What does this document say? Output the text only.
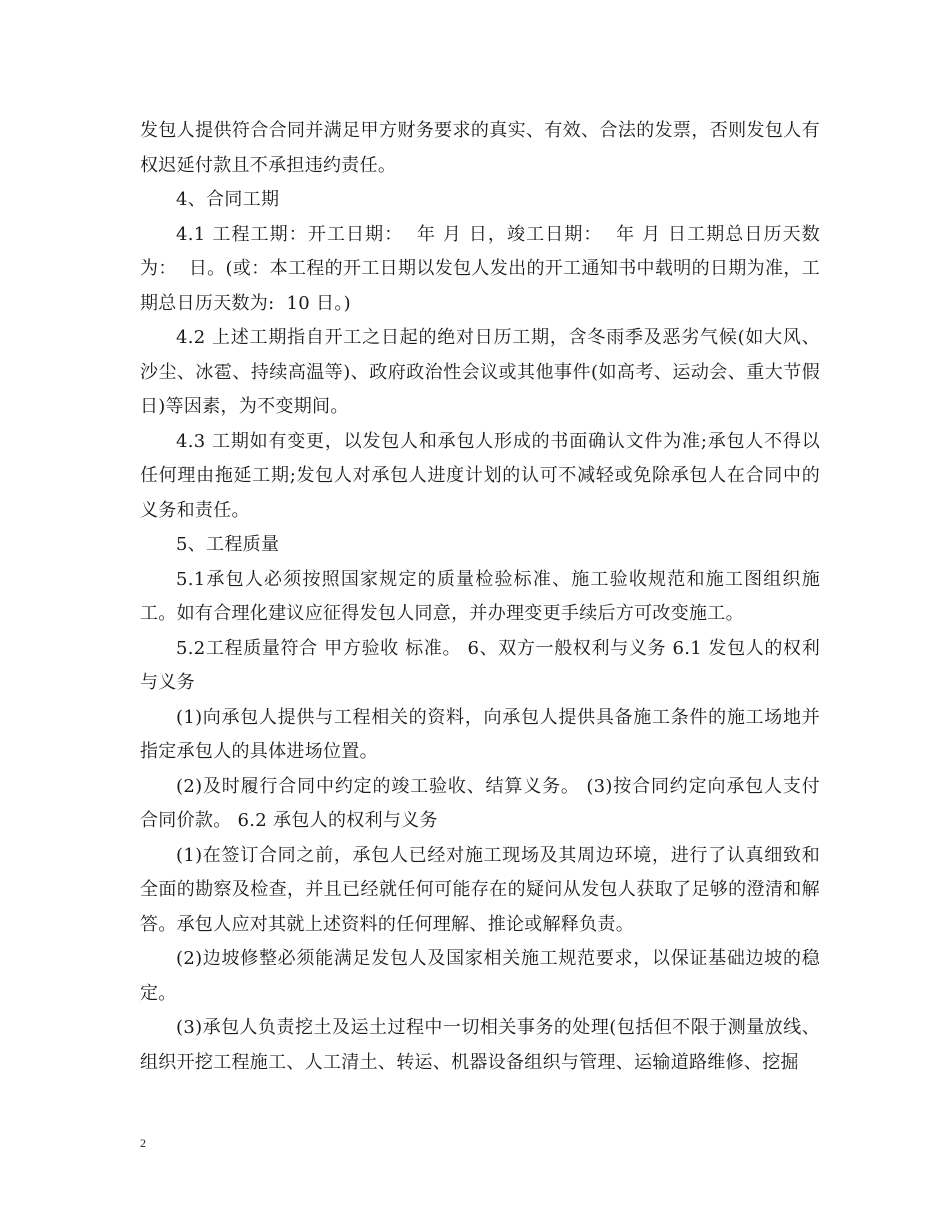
发包人提供符合合同并满足甲方财务要求的真实、有效、合法的发票，否则发包人有权迟延付款且不承担违约责任。

4、合同工期

4.1 工程工期：开工日期：  年 月 日，竣工日期：  年 月 日工期总日历天数为：  日。(或：本工程的开工日期以发包人发出的开工通知书中载明的日期为准，工期总日历天数为:  10 日。)

4.2 上述工期指自开工之日起的绝对日历工期，含冬雨季及恶劣气候(如大风、沙尘、冰雹、持续高温等)、政府政治性会议或其他事件(如高考、运动会、重大节假日)等因素，为不变期间。

4.3 工期如有变更，以发包人和承包人形成的书面确认文件为准;承包人不得以任何理由拖延工期;发包人对承包人进度计划的认可不减轻或免除承包人在合同中的义务和责任。

5、工程质量

5.1承包人必须按照国家规定的质量检验标准、施工验收规范和施工图组织施工。如有合理化建议应征得发包人同意，并办理变更手续后方可改变施工。

5.2工程质量符合 甲方验收 标准。 6、双方一般权利与义务 6.1 发包人的权利与义务

(1)向承包人提供与工程相关的资料，向承包人提供具备施工条件的施工场地并指定承包人的具体进场位置。

(2)及时履行合同中约定的竣工验收、结算义务。 (3)按合同约定向承包人支付合同价款。 6.2 承包人的权利与义务

(1)在签订合同之前，承包人已经对施工现场及其周边环境，进行了认真细致和全面的勘察及检查，并且已经就任何可能存在的疑问从发包人获取了足够的澄清和解答。承包人应对其就上述资料的任何理解、推论或解释负责。

(2)边坡修整必须能满足发包人及国家相关施工规范要求，以保证基础边坡的稳定。

(3)承包人负责挖土及运土过程中一切相关事务的处理(包括但不限于测量放线、组织开挖工程施工、人工清土、转运、机器设备组织与管理、运输道路维修、挖掘

2
